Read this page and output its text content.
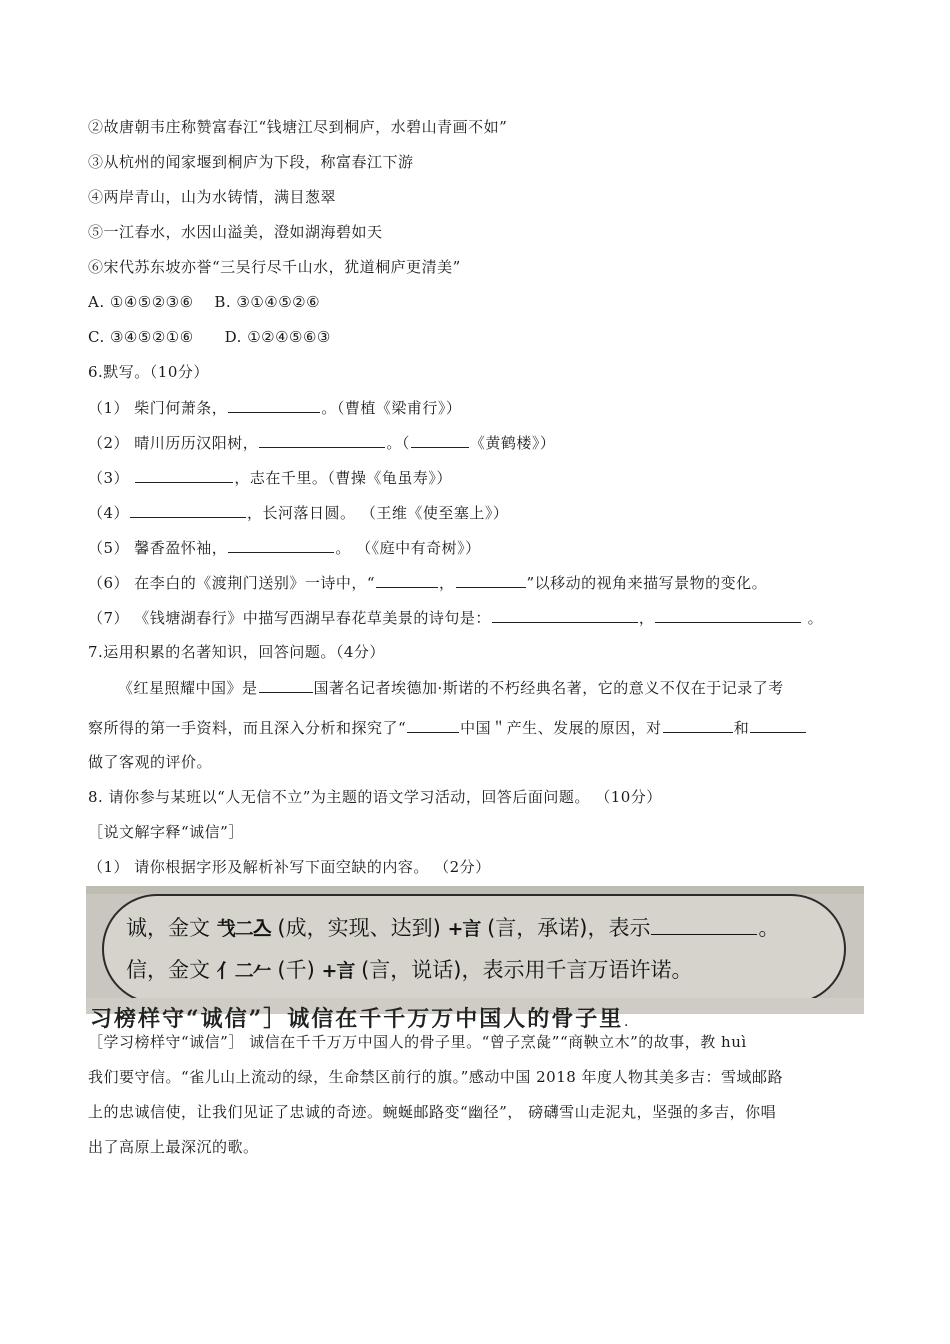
②故唐朝韦庄称赞富春江“钱塘江尽到桐庐，水碧山青画不如”
③从杭州的闻家堰到桐庐为下段，称富春江下游
④两岸青山，山为水铸情，满目葱翠
⑤一江春水，水因山溢美，澄如湖海碧如天
⑥宋代苏东坡亦誉“三吴行尽千山水，犹道桐庐更清美”
A. ①④⑤②③⑥　 B. ③①④⑤②⑥
C. ③④⑤②①⑥　　D. ①②④⑤⑥③
6.默写。（10分）
（1） 柴门何萧条，	。（曹植《梁甫行》）
（2） 晴川历历汉阳树，	。（	《黄鹤楼》）
（3）	，志在千里。（曹操《龟虽寿》）
（4）	，长河落日圆。 （王维《使至塞上》）
（5） 馨香盈怀袖，	。 （《庭中有奇树》）
（6） 在李白的《渡荆门送别》一诗中，“	，	”以移动的视角来描写景物的变化。
（7） 《钱塘湖春行》中描写西湖早春花草美景的诗句是：	，	。
7.运用积累的名著知识，回答问题。（4分）
《红星照耀中国》是	国著名记者埃德加·斯诺的不朽经典名著，它的意义不仅在于记录了考
察所得的第一手资料，而且深入分析和探究了“	中国＂产生、发展的原因，对	和
做了客观的评价。
8. 请你参与某班以“人无信不立”为主题的语文学习活动，回答后面问题。 （10分）
［说文解字释“诚信”］
（1） 请你根据字形及解析补写下面空缺的内容。 （2分）
诚，金文 𢦏二𠓛 (成，实现、达到) +言 (言，承诺)，表示	。
信，金文 亻二𠂉 (千) +言 (言，说话)，表示用千言万语许诺。
习榜样守“诚信”］诚信在千千万万中国人的骨子里 ·
［学习榜样守“诚信”］ 诚信在千千万万中国人的骨子里。“曾子烹彘”“商鞅立木”的故事，教 huì
我们要守信。“雀儿山上流动的绿，生命禁区前行的旗。”感动中国 2018 年度人物其美多吉：雪域邮路
上的忠诚信使，让我们见证了忠诚的奇迹。蜿蜒邮路变“幽径”， 磅礴雪山走泥丸，坚强的多吉，你唱
出了高原上最深沉的歌。
